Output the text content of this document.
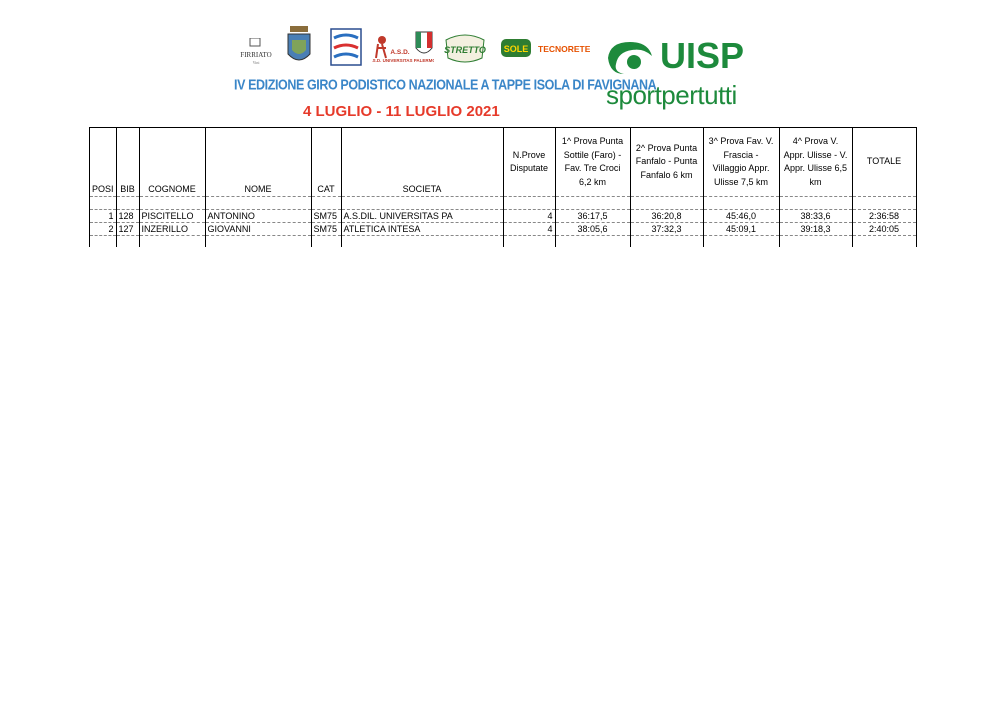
FIRRIATO
Vini
A.S.D.
A.S.D. UNIVERSITAS PALERMO
STRETTO SOLE TECNORETE
IV EDIZIONE GIRO PODISTICO NAZIONALE A TAPPE ISOLA DI FAVIGNANA
4 LUGLIO - 11 LUGLIO 2021
UISP
sportpertutti
POSI	BIB	COGNOME	NOME	CAT	SOCIETA	N.Prove Disputate	1^ Prova Punta Sottile (Faro) - Fav. Tre Croci 6,2 km	2^ Prova Punta Fanfalo - Punta Fanfalo 6 km	3^ Prova Fav. V. Frascia - Villaggio Appr. Ulisse 7,5 km	4^ Prova V. Appr. Ulisse - V. Appr. Ulisse 6,5 km	TOTALE

1	128	PISCITELLO	ANTONINO	SM75	A.S.DIL. UNIVERSITAS PA	4	36:17,5	36:20,8	45:46,0	38:33,6	2:36:58
2	127	INZERILLO	GIOVANNI	SM75	ATLETICA INTESA	4	38:05,6	37:32,3	45:09,1	39:18,3	2:40:05
